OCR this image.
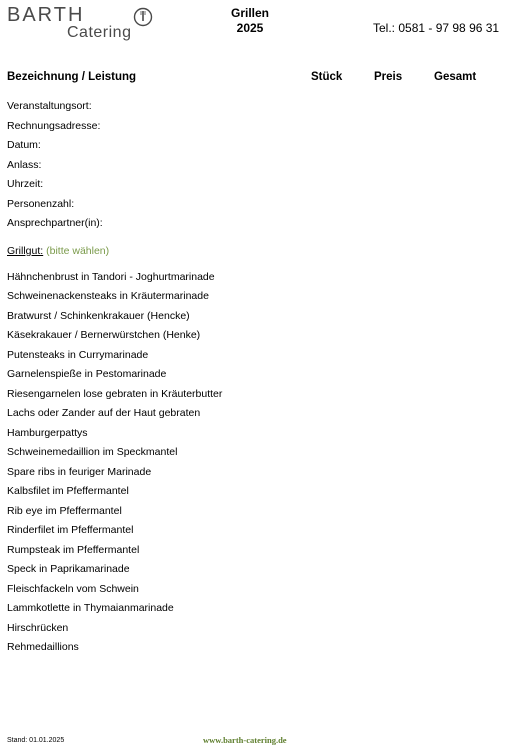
BARTH
Catering
Grillen
2025	Tel.: 0581 - 97 98 96 31
Bezeichnung / Leistung	Stück	Preis	Gesamt
Veranstaltungsort:
Rechnungsadresse:
Datum:
Anlass:
Uhrzeit:
Personenzahl:
Ansprechpartner(in):
Grillgut: (bitte wählen)
Hähnchenbrust in Tandori - Joghurtmarinade
Schweinenackensteaks in Kräutermarinade
Bratwurst / Schinkenkrakauer (Hencke)
Käsekrakauer / Bernerwürstchen (Henke)
Putensteaks in Currymarinade
Garnelenspieße in Pestomarinade
Riesengarnelen lose gebraten in Kräuterbutter
Lachs oder Zander auf der Haut gebraten
Hamburgerpattys
Schweinemedaillion im Speckmantel
Spare ribs in feuriger Marinade
Kalbsfilet im Pfeffermantel
Rib eye im Pfeffermantel
Rinderfilet im Pfeffermantel
Rumpsteak im Pfeffermantel
Speck in Paprikamarinade
Fleischfackeln vom Schwein
Lammkotlette in Thymaianmarinade
Hirschrücken
Rehmedaillions
Stand: 01.01.2025	www.barth-catering.de
